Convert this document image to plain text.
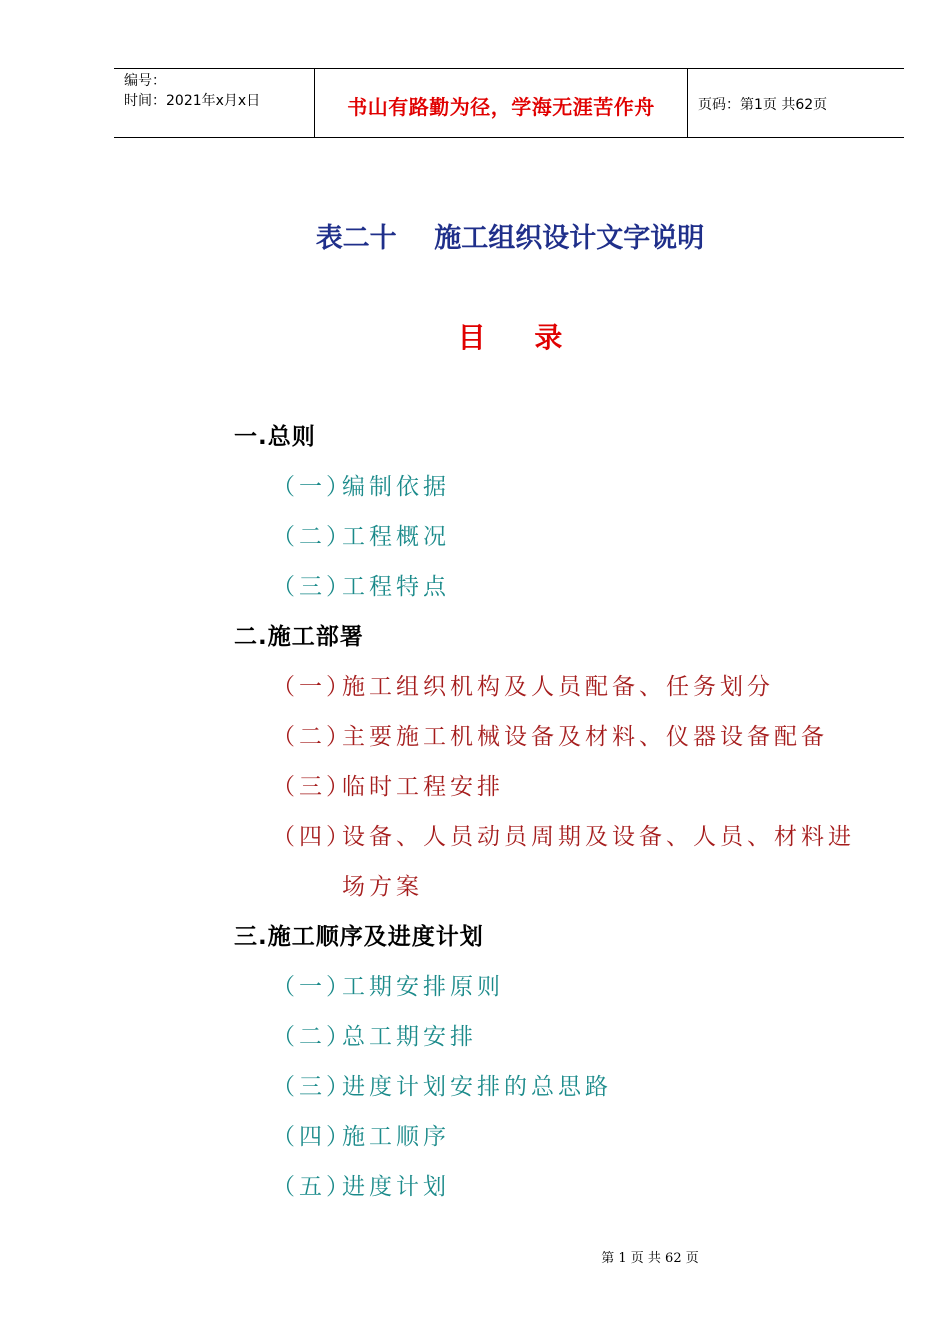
编号：
时间：2021年x月x日	书山有路勤为径，学海无涯苦作舟	页码：第1页 共62页
表二十    施工组织设计文字说明
目     录
一.总则
（一）
编制依据
（二）
工程概况
（三）
工程特点
二.施工部署
（一）
施工组织机构及人员配备、任务划分
（二）
主要施工机械设备及材料、仪器设备配备
（三）
临时工程安排
（四）
设备、人员动员周期及设备、人员、材料进场方案
三.施工顺序及进度计划
（一）
工期安排原则
（二）
总工期安排
（三）
进度计划安排的总思路
（四）
施工顺序
（五）
进度计划
第 1 页 共 62 页
